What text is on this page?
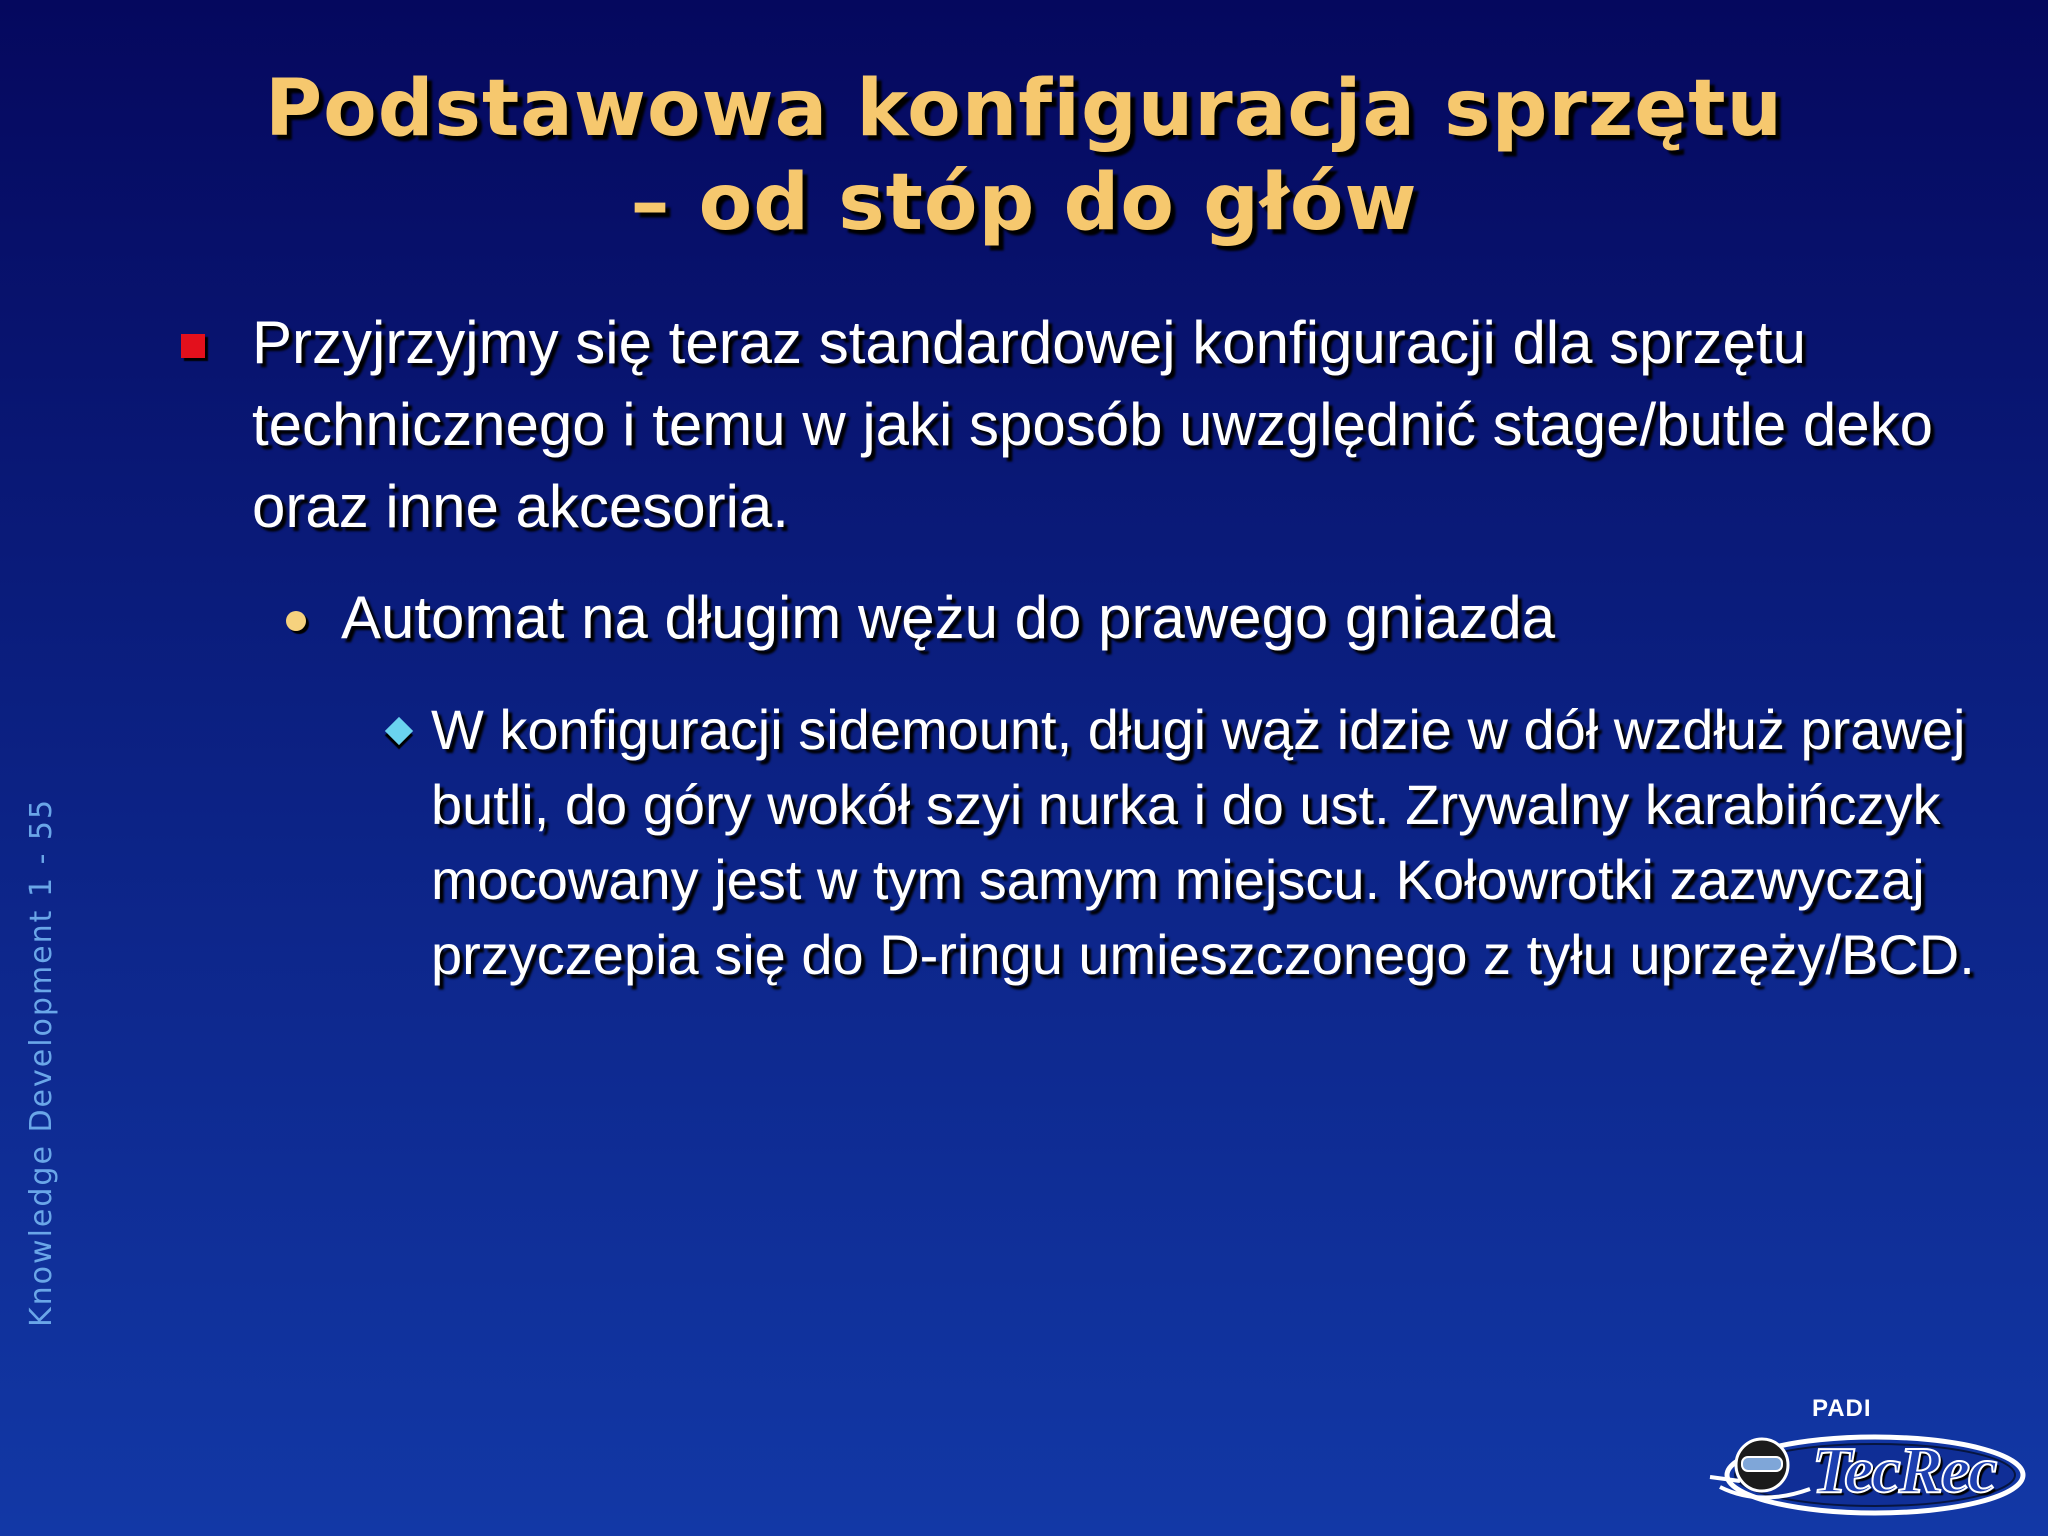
Podstawowa konfiguracja sprzętu
– od stóp do głów
Przyjrzyjmy się teraz standardowej konfiguracji dla sprzętu technicznego i temu w jaki sposób uwzględnić stage/butle deko oraz inne akcesoria.
Automat na długim wężu do prawego gniazda
W konfiguracji sidemount, długi wąż idzie w dół wzdłuż prawej butli, do góry wokół szyi nurka i do ust. Zrywalny karabińczyk mocowany jest w tym samym miejscu. Kołowrotki zazwyczaj przyczepia się do D-ringu umieszczonego z tyłu uprzęży/BCD.
Knowledge Development 1 - 55
PADI
TecRec
